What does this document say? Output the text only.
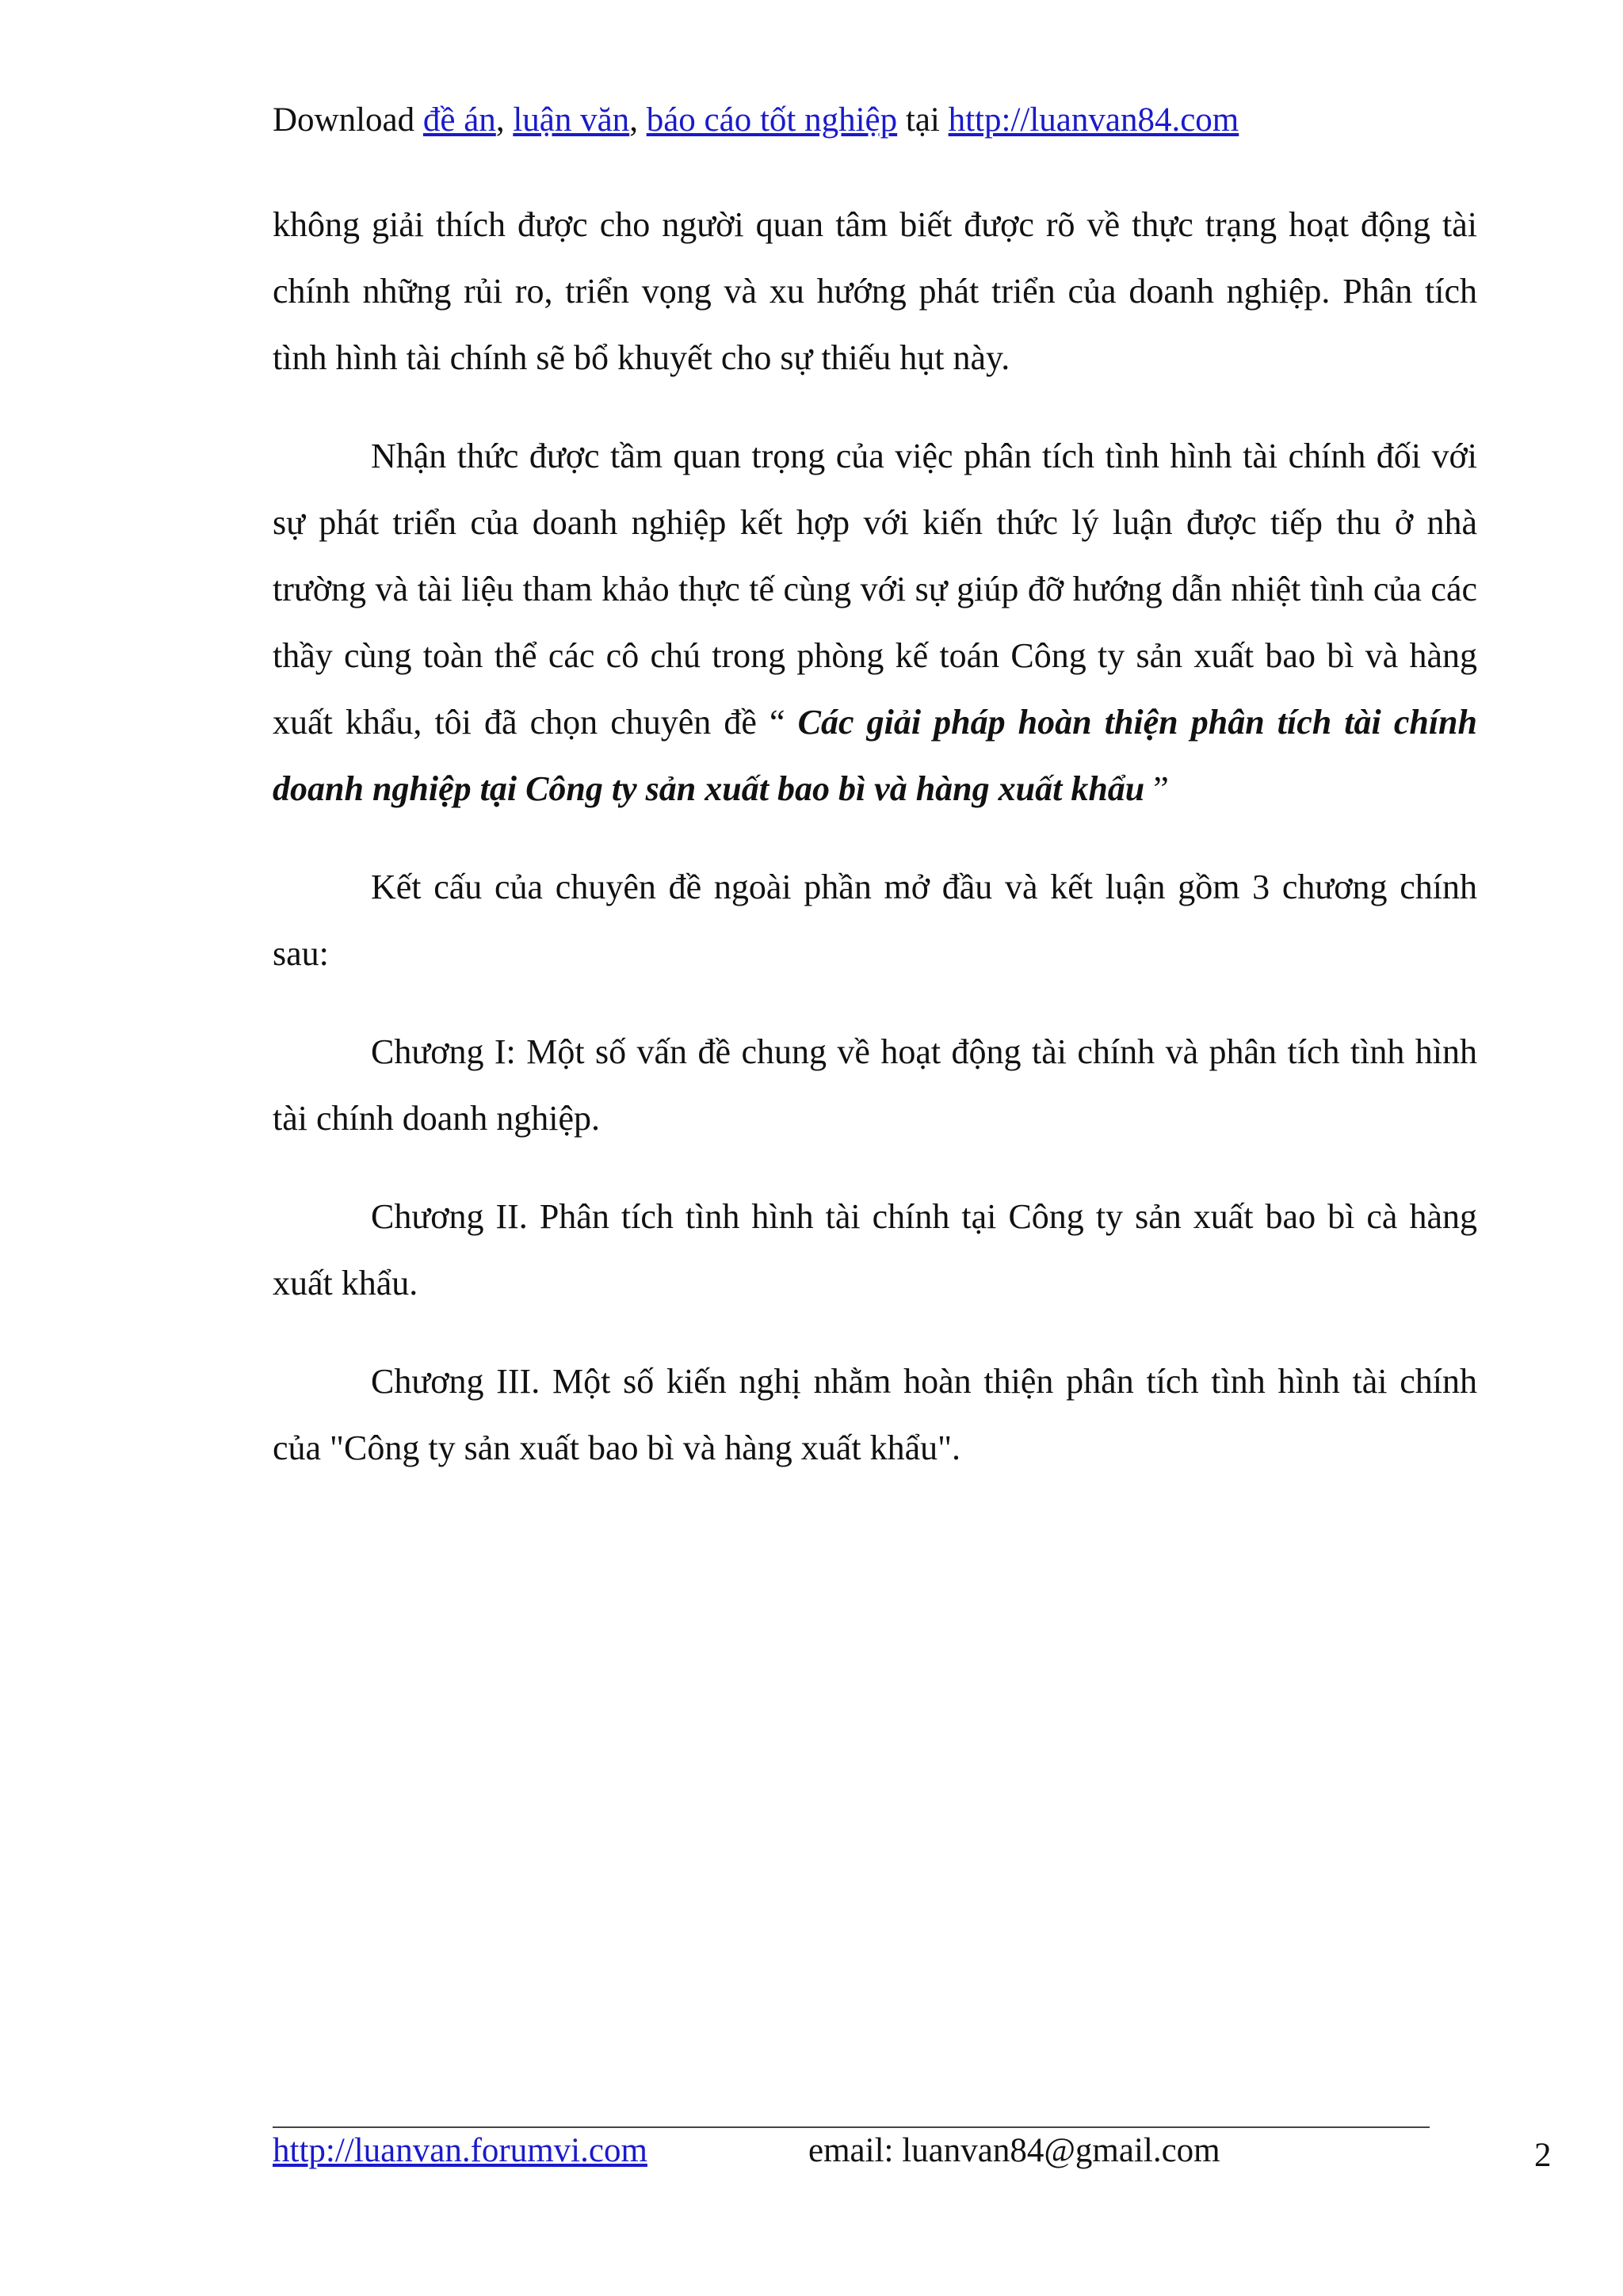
Download đề án, luận văn, báo cáo tốt nghiệp tại http://luanvan84.com

không giải thích được cho người quan tâm biết được rõ về thực trạng hoạt động tài chính những rủi ro, triển vọng và xu hướng phát triển của doanh nghiệp. Phân tích tình hình tài chính sẽ bổ khuyết cho sự thiếu hụt này.

Nhận thức được tầm quan trọng của việc phân tích tình hình tài chính đối với sự phát triển của doanh nghiệp kết hợp với kiến thức lý luận được tiếp thu ở nhà trường và tài liệu tham khảo thực tế cùng với sự giúp đỡ hướng dẫn nhiệt tình của các thầy cùng toàn thể các cô chú trong phòng kế toán Công ty sản xuất bao bì và hàng xuất khẩu, tôi đã chọn chuyên đề “ Các giải pháp hoàn thiện phân tích tài chính doanh nghiệp tại Công ty sản xuất bao bì và hàng xuất khẩu ”

Kết cấu của chuyên đề ngoài phần mở đầu và kết luận gồm 3 chương chính sau:

Chương I: Một số vấn đề chung về hoạt động tài chính và phân tích tình hình tài chính doanh nghiệp.

Chương II. Phân tích tình hình tài chính tại Công ty sản xuất bao bì cà hàng xuất khẩu.

Chương III. Một số kiến nghị nhằm hoàn thiện phân tích tình hình tài chính của "Công ty sản xuất bao bì và hàng xuất khẩu".

http://luanvan.forumvi.com	email: luanvan84@gmail.com	2
